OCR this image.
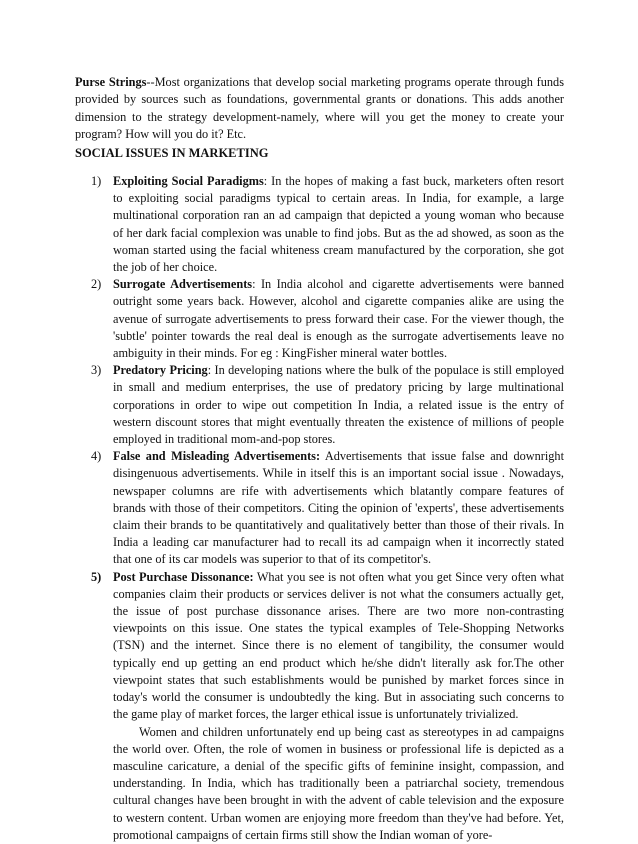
Purse Strings--Most organizations that develop social marketing programs operate through funds provided by sources such as foundations, governmental grants or donations. This adds another dimension to the strategy development-namely, where will you get the money to create your program? How will you do it? Etc.

SOCIAL ISSUES IN MARKETING
1) Exploiting Social Paradigms: In the hopes of making a fast buck, marketers often resort to exploiting social paradigms typical to certain areas. In India, for example, a large multinational corporation ran an ad campaign that depicted a young woman who because of her dark facial complexion was unable to find jobs. But as the ad showed, as soon as the woman started using the facial whiteness cream manufactured by the corporation, she got the job of her choice.
2) Surrogate Advertisements: In India alcohol and cigarette advertisements were banned outright some years back. However, alcohol and cigarette companies alike are using the avenue of surrogate advertisements to press forward their case. For the viewer though, the 'subtle' pointer towards the real deal is enough as the surrogate advertisements leave no ambiguity in their minds. For eg : KingFisher mineral water bottles.
3) Predatory Pricing: In developing nations where the bulk of the populace is still employed in small and medium enterprises, the use of predatory pricing by large multinational corporations in order to wipe out competition In India, a related issue is the entry of western discount stores that might eventually threaten the existence of millions of people employed in traditional mom-and-pop stores.
4) False and Misleading Advertisements: Advertisements that issue false and downright disingenuous advertisements. While in itself this is an important social issue . Nowadays, newspaper columns are rife with advertisements which blatantly compare features of brands with those of their competitors. Citing the opinion of 'experts', these advertisements claim their brands to be quantitatively and qualitatively better than those of their rivals. In India a leading car manufacturer had to recall its ad campaign when it incorrectly stated that one of its car models was superior to that of its competitor's.
5) Post Purchase Dissonance: What you see is not often what you get Since very often what companies claim their products or services deliver is not what the consumers actually get, the issue of post purchase dissonance arises. There are two more non-contrasting viewpoints on this issue. One states the typical examples of Tele-Shopping Networks (TSN) and the internet. Since there is no element of tangibility, the consumer would typically end up getting an end product which he/she didn't literally ask for.The other viewpoint states that such establishments would be punished by market forces since in today's world the consumer is undoubtedly the king. But in associating such concerns to the game play of market forces, the larger ethical issue is unfortunately trivialized.
Women and children unfortunately end up being cast as stereotypes in ad campaigns the world over. Often, the role of women in business or professional life is depicted as a masculine caricature, a denial of the specific gifts of feminine insight, compassion, and understanding. In India, which has traditionally been a patriarchal society, tremendous cultural changes have been brought in with the advent of cable television and the exposure to western content. Urban women are enjoying more freedom than they've had before. Yet, promotional campaigns of certain firms still show the Indian woman of yore-
